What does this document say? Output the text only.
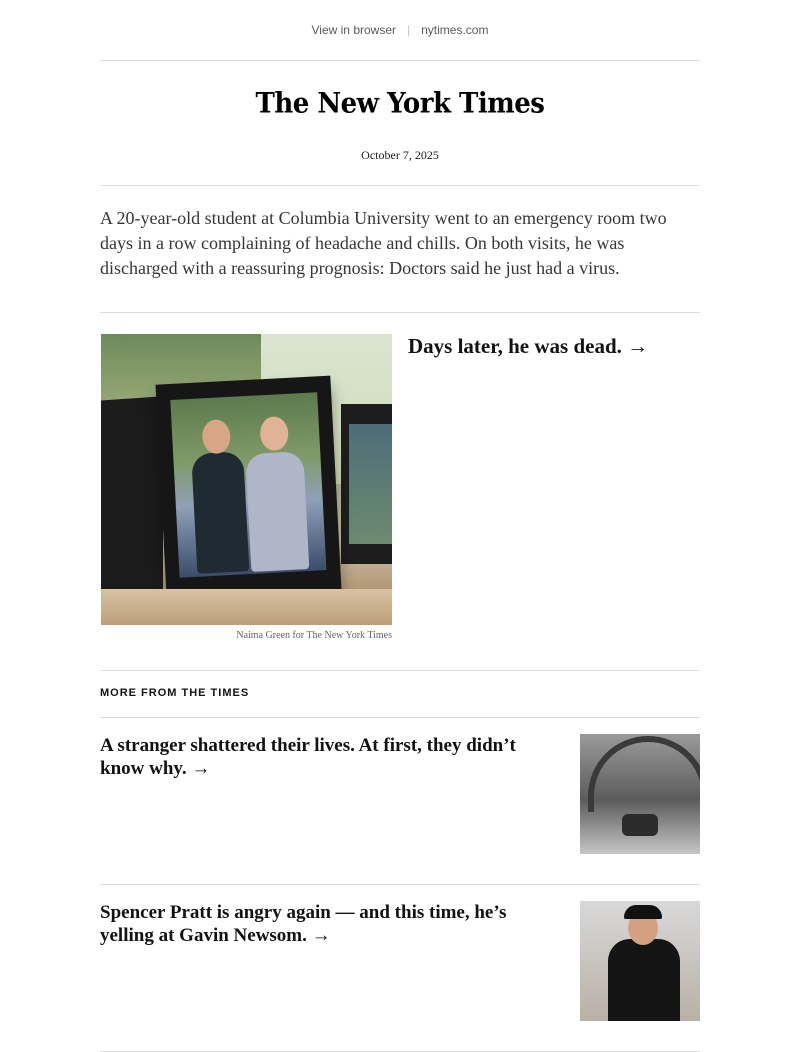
View in browser | nytimes.com
The New York Times
October 7, 2025
A 20-year-old student at Columbia University went to an emergency room two days in a row complaining of headache and chills. On both visits, he was discharged with a reassuring prognosis: Doctors said he just had a virus.
Naima Green for The New York Times
Days later, he was dead. →
MORE FROM THE TIMES
A stranger shattered their lives. At first, they didn’t know why. →
Spencer Pratt is angry again — and this time, he’s yelling at Gavin Newsom. →
